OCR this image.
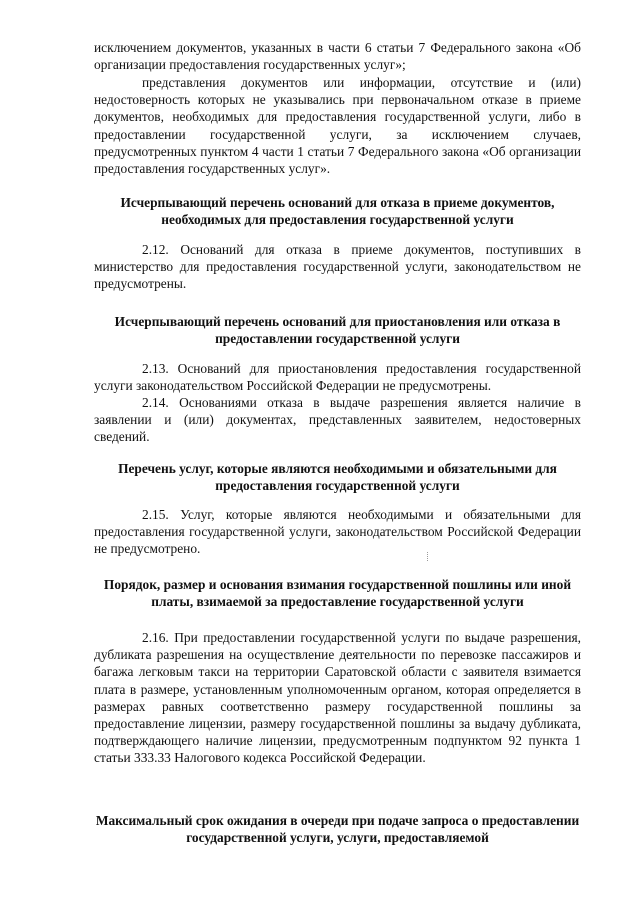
исключением документов, указанных в части 6 статьи 7 Федерального закона «Об организации предоставления государственных услуг»;

представления документов или информации, отсутствие и (или) недостоверность которых не указывались при первоначальном отказе в приеме документов, необходимых для предоставления государственной услуги, либо в предоставлении государственной услуги, за исключением случаев, предусмотренных пунктом 4 части 1 статьи 7 Федерального закона «Об организации предоставления государственных услуг».

Исчерпывающий перечень оснований для отказа в приеме документов, необходимых для предоставления государственной услуги

2.12. Оснований для отказа в приеме документов, поступивших в министерство для предоставления государственной услуги, законодательством не предусмотрены.

Исчерпывающий перечень оснований для приостановления или отказа в предоставлении государственной услуги

2.13. Оснований для приостановления предоставления государственной услуги законодательством Российской Федерации не предусмотрены.

2.14. Основаниями отказа в выдаче разрешения является наличие в заявлении и (или) документах, представленных заявителем, недостоверных сведений.

Перечень услуг, которые являются необходимыми и обязательными для предоставления государственной услуги

2.15. Услуг, которые являются необходимыми и обязательными для предоставления государственной услуги, законодательством Российской Федерации не предусмотрено.

Порядок, размер и основания взимания государственной пошлины или иной платы, взимаемой за предоставление государственной услуги

2.16. При предоставлении государственной услуги по выдаче разрешения, дубликата разрешения на осуществление деятельности по перевозке пассажиров и багажа легковым такси на территории Саратовской области с заявителя взимается плата в размере, установленным уполномоченным органом, которая определяется в размерах равных соответственно размеру государственной пошлины за предоставление лицензии, размеру государственной пошлины за выдачу дубликата, подтверждающего наличие лицензии, предусмотренным подпунктом 92 пункта 1 статьи 333.33 Налогового кодекса Российской Федерации.

Максимальный срок ожидания в очереди при подаче запроса о предоставлении государственной услуги, услуги, предоставляемой
